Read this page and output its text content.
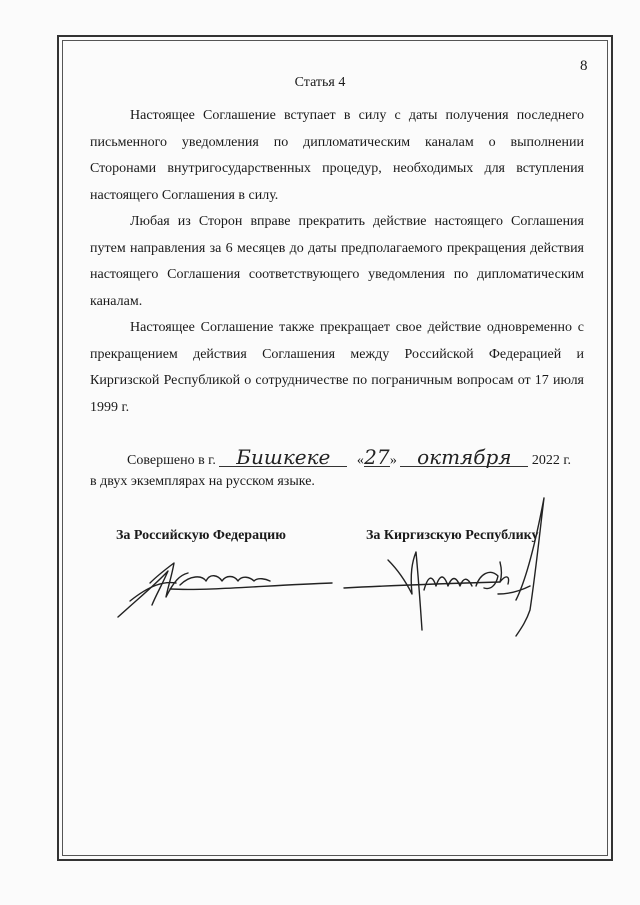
8
Статья 4

Настоящее Соглашение вступает в силу с даты получения последнего письменного уведомления по дипломатическим каналам о выполнении Сторонами внутригосударственных процедур, необходимых для вступления настоящего Соглашения в силу.

Любая из Сторон вправе прекратить действие настоящего Соглашения путем направления за 6 месяцев до даты предполагаемого прекращения действия настоящего Соглашения соответствующего уведомления по дипломатическим каналам.

Настоящее Соглашение также прекращает свое действие одновременно с прекращением действия Соглашения между Российской Федерацией и Киргизской Республикой о сотрудничестве по пограничным вопросам от 17 июля 1999 г.

Совершено в г. Бишкеке «27» октября 2022 г.
в двух экземплярах на русском языке.
За Российскую Федерацию	За Киргизскую Республику
